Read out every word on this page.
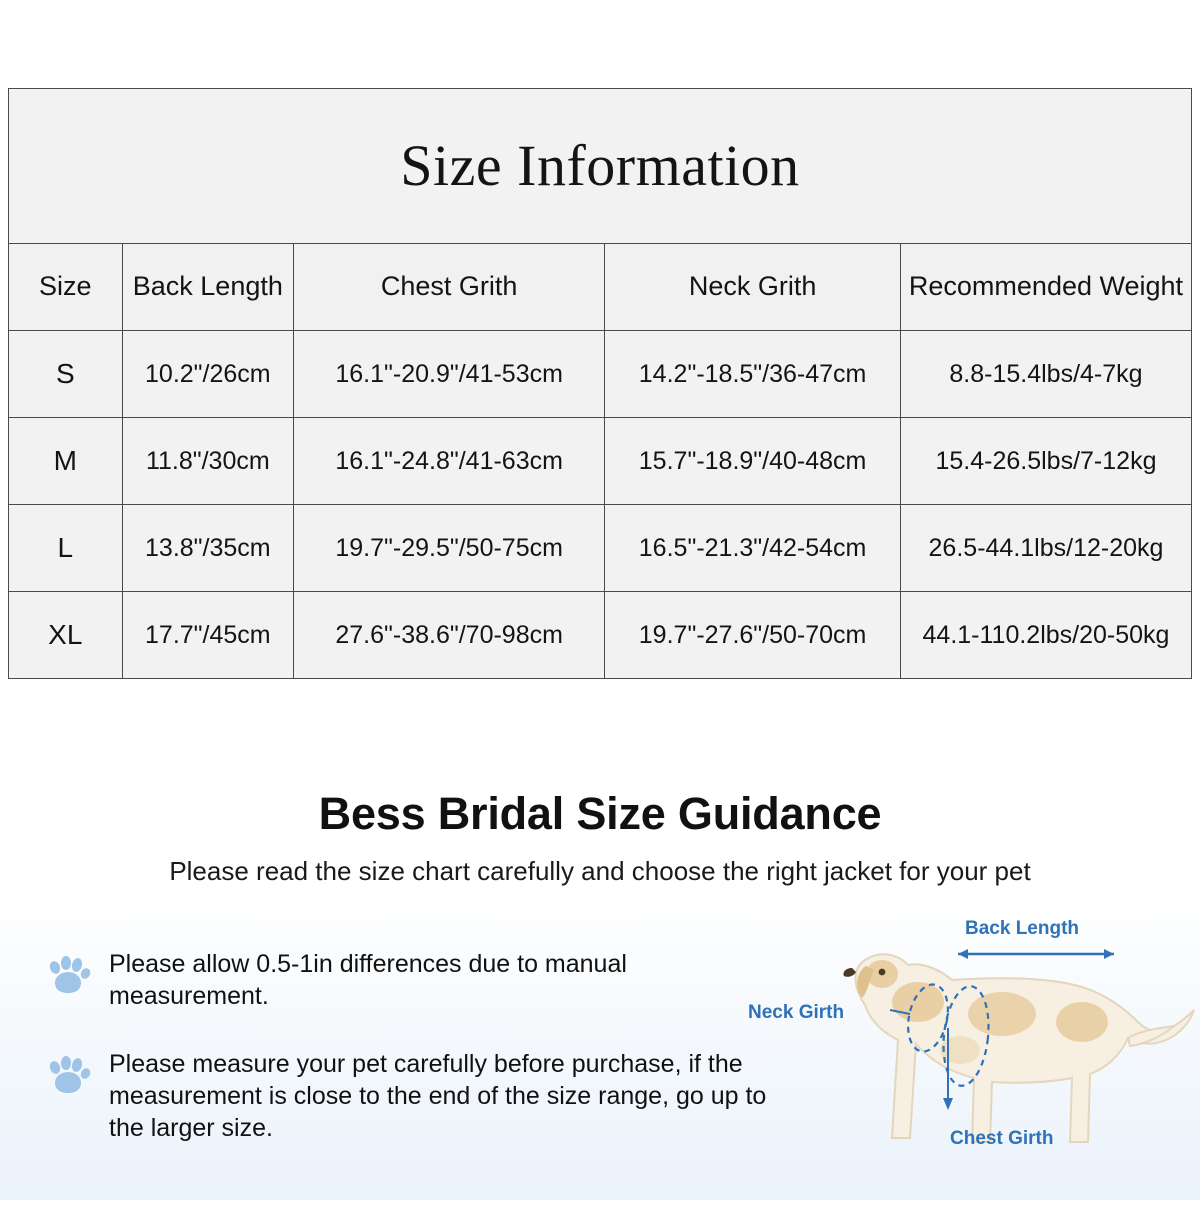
Size Information				
Size	Back Length	Chest Grith	Neck Grith	Recommended Weight
S	10.2"/26cm	16.1"-20.9"/41-53cm	14.2"-18.5"/36-47cm	8.8-15.4lbs/4-7kg
M	11.8"/30cm	16.1"-24.8"/41-63cm	15.7"-18.9"/40-48cm	15.4-26.5lbs/7-12kg
L	13.8"/35cm	19.7"-29.5"/50-75cm	16.5"-21.3"/42-54cm	26.5-44.1lbs/12-20kg
XL	17.7"/45cm	27.6"-38.6"/70-98cm	19.7"-27.6"/50-70cm	44.1-110.2lbs/20-50kg
Bess Bridal Size Guidance
Please read the size chart carefully and choose the right jacket for your pet
Please allow 0.5-1in differences due to manual measurement.
Please measure your pet carefully before purchase, if the measurement is close to the end of the size range, go up to the larger size.
Back Length
Neck Girth
Chest Girth
